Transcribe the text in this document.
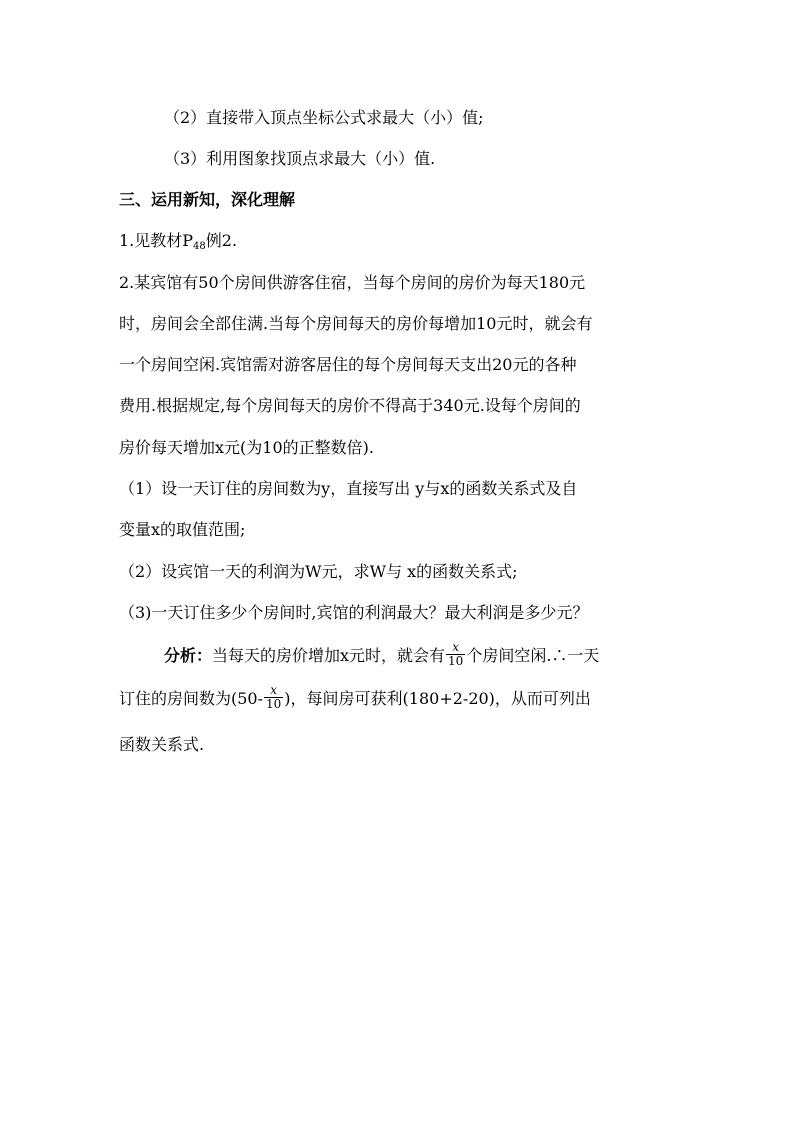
（2）直接带入顶点坐标公式求最大（小）值;
（3）利用图象找顶点求最大（小）值.
三、运用新知，深化理解
1.见教材$P_{48}$例2.
2.某宾馆有50个房间供游客住宿，当每个房间的房价为每天180元
时，房间会全部住满.当每个房间每天的房价每增加10元时，就会有
一个房间空闲.宾馆需对游客居住的每个房间每天支出20元的各种
费用.根据规定,每个房间每天的房价不得高于340元.设每个房间的
房价每天增加x元(为10的正整数倍).
（1）设一天订住的房间数为y，直接写出 y与x的函数关系式及自
变量x的取值范围;
（2）设宾馆一天的利润为W元，求W与 x的函数关系式;
（3)一天订住多少个房间时,宾馆的利润最大？最大利润是多少元？
分析：当每天的房价增加x元时，就会有 $\frac{x}{10}$ 个房间空闲.∴一天
订住的房间数为($50- \frac{x}{10}$ )，每间房可获利(180+2-20)，从而可列出
函数关系式.
